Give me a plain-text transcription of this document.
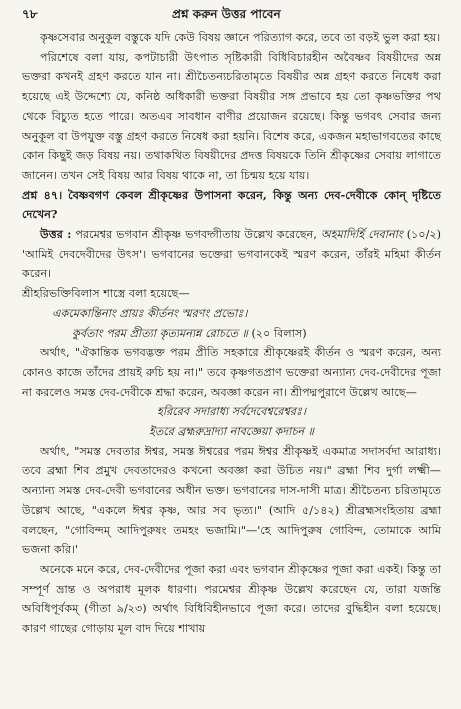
৭৮	প্রশ্ন করুন উত্তর পাবেন

কৃষ্ণসেবার অনুকূল বস্তুকে যদি কেউ বিষয় জ্ঞানে পরিত্যাগ করে, তবে তা বড়ই ভুল করা হয়।

পরিশেষে বলা যায়, কপটাচারী উৎপাত সৃষ্টিকারী বিধিবিচারহীন অবৈষ্ণব বিষয়ীদের অন্ন ভক্তরা কখনই গ্রহণ করতে যান না। শ্রীচৈতন্যচরিতামৃতে বিষয়ীর অন্ন গ্রহণ করতে নিষেধ করা হয়েছে এই উদ্দেশ্যে যে, কনিষ্ঠ অধিকারী ভক্তরা বিষয়ীর সঙ্গ প্রভাবে হয় তো কৃষ্ণভক্তির পথ থেকে বিচ্যুত হতে পারে। অতএব সাবধান বাণীর প্রয়োজন রয়েছে। কিন্তু ভগবৎ সেবার জন্য অনুকূল বা উপযুক্ত বস্তু গ্রহণ করতে নিষেধ করা হয়নি। বিশেষ করে, একজন মহাভাগবতের কাছে কোন কিছুই জড় বিষয় নয়। তথাকথিত বিষয়ীদের প্রদত্ত বিষয়কে তিনি শ্রীকৃষ্ণের সেবায় লাগাতে জানেন। তখন সেই বিষয় আর বিষয় থাকে না, তা চিন্ময় হয়ে যায়।

প্রশ্ন ৪৭। বৈষ্ণবগণ কেবল শ্রীকৃষ্ণের উপাসনা করেন, কিন্তু অন্য দেব-দেবীকে কোন্ দৃষ্টিতে দেখেন?

উত্তর : পরমেশ্বর ভগবান শ্রীকৃষ্ণ ভগবদ্গীতায় উল্লেখ করেছেন, অহমাদির্হি দেবানাং (১০/২) 'আমিই দেবদেবীদের উৎস'। ভগবানের ভক্তেরা ভগবানকেই স্মরণ করেন, তাঁরই মহিমা কীর্তন করেন।

শ্রীহরিভক্তিবিলাস শাস্ত্রে বলা হয়েছে—

একমেকান্তিনাং প্রায়ঃ কীর্তনং স্মরণং প্রভোঃ।

কুর্বতাং পরম প্রীত্যা কৃত্যমন্যন্ন রোচতে ॥ (২০ বিলাস)

অর্থাৎ, "ঐকান্তিক ভগবদ্ভক্ত পরম প্রীতি সহকারে শ্রীকৃষ্ণেরই কীর্তন ও স্মরণ করেন, অন্য কোনও কাজে তাঁদের প্রায়ই রুচি হয় না।" তবে কৃষ্ণগতপ্রাণ ভক্তেরা অন্যান্য দেব-দেবীদের পূজা না করলেও সমস্ত দেব-দেবীকে শ্রদ্ধা করেন, অবজ্ঞা করেন না। শ্রীপদ্মপুরাণে উল্লেখ আছে—

হরিরেব সদারাধ্য সর্বদেবেশ্বরেশ্বরঃ।

ইতরে ব্রহ্মরুদ্রাদ্যা নাবজ্ঞেয়া কদাচন ॥

অর্থাৎ, "সমস্ত দেবতার ঈশ্বর, সমস্ত ঈশ্বরের পরম ঈশ্বর শ্রীকৃষ্ণই একমাত্র সদাসর্বদা আরাধ্য। তবে ব্রহ্মা শিব প্রমুখ দেবতাদেরও কখনো অবজ্ঞা করা উচিত নয়।" ব্রহ্মা শিব দুর্গা লক্ষ্মী—অন্যান্য সমস্ত দেব-দেবী ভগবানের অধীন ভক্ত। ভগবানের দাস-দাসী মাত্র। শ্রীচৈতন্য চরিতামৃতে উল্লেখ আছে, "একলে ঈশ্বর কৃষ্ণ, আর সব ভৃত্য।" (আদি ৫/১৪২) শ্রীব্রহ্মসংহিতায় ব্রহ্মা বলছেন, "গোবিন্দম্ আদিপুরুষং তমহং ভজামি।"—'হে আদিপুরুষ গোবিন্দ, তোমাকে আমি ভজনা করি।'

অনেকে মনে করে, দেব-দেবীদের পূজা করা এবং ভগবান শ্রীকৃষ্ণের পূজা করা একই। কিন্তু তা সম্পূর্ণ ভ্রান্ত ও অপরাধ মূলক ধারণা। পরমেশ্বর শ্রীকৃষ্ণ উল্লেখ করেছেন যে, তারা যজন্তি অবিধিপূর্বকম্ (গীতা ৯/২৩) অর্থাৎ বিধিবিহীনভাবে পূজা করে। তাদের বুদ্ধিহীন বলা হয়েছে। কারণ গাছের গোড়ায় মূল বাদ দিয়ে শাখায়
